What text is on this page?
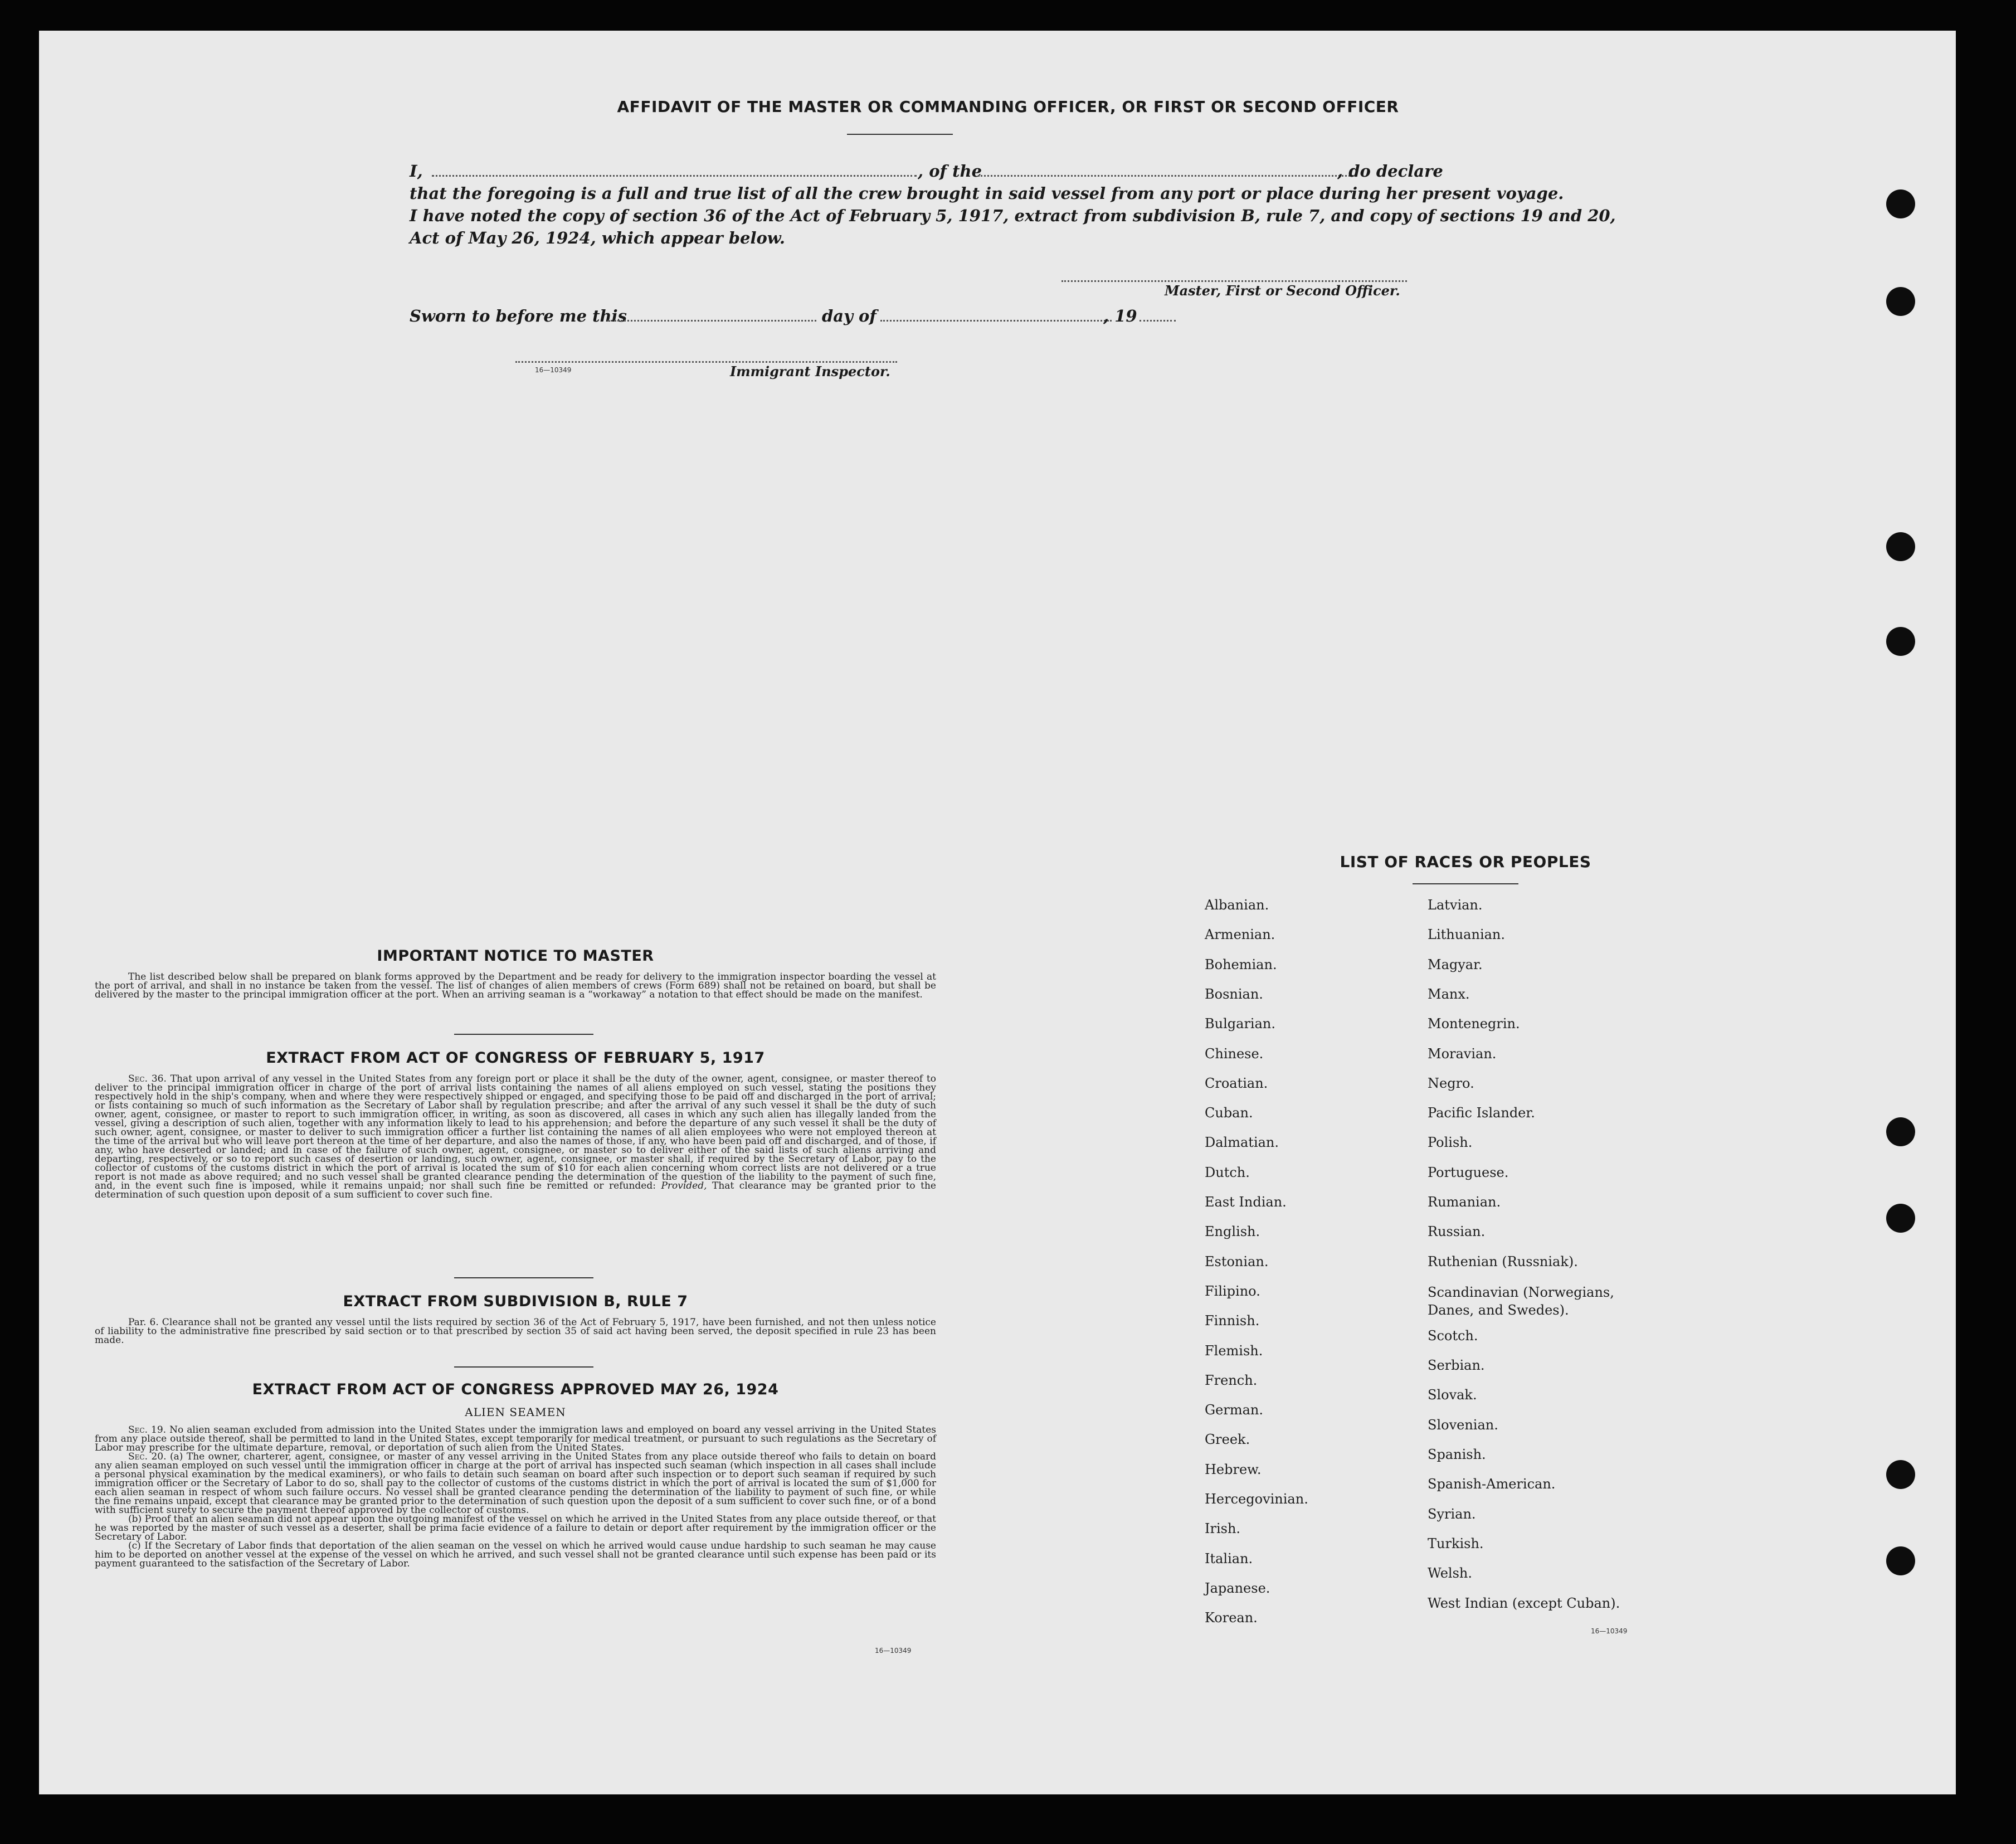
AFFIDAVIT OF THE MASTER OR COMMANDING OFFICER, OR FIRST OR SECOND OFFICER
I,	, of the	, do declare
that the foregoing is a full and true list of all the crew brought in said vessel from any port or place during her present voyage.
I have noted the copy of section 36 of the Act of February 5, 1917, extract from subdivision B, rule 7, and copy of sections 19 and 20,
Act of May 26, 1924, which appear below.
Master, First or Second Officer.
Sworn to before me this	day of	, 19
16—10349	Immigrant Inspector.
IMPORTANT NOTICE TO MASTER

The list described below shall be prepared on blank forms approved by the Department and be ready for delivery to the immigration inspector boarding the vessel at the port of arrival, and shall in no instance be taken from the vessel. The list of changes of alien members of crews (Form 689) shall not be retained on board, but shall be delivered by the master to the principal immigration officer at the port. When an arriving seaman is a “workaway” a notation to that effect should be made on the manifest.

EXTRACT FROM ACT OF CONGRESS OF FEBRUARY 5, 1917

Sec. 36. That upon arrival of any vessel in the United States from any foreign port or place it shall be the duty of the owner, agent, consignee, or master thereof to deliver to the principal immigration officer in charge of the port of arrival lists containing the names of all aliens employed on such vessel, stating the positions they respectively hold in the ship's company, when and where they were respectively shipped or engaged, and specifying those to be paid off and discharged in the port of arrival; or lists containing so much of such information as the Secretary of Labor shall by regulation prescribe; and after the arrival of any such vessel it shall be the duty of such owner, agent, consignee, or master to report to such immigration officer, in writing, as soon as discovered, all cases in which any such alien has illegally landed from the vessel, giving a description of such alien, together with any information likely to lead to his apprehension; and before the departure of any such vessel it shall be the duty of such owner, agent, consignee, or master to deliver to such immigration officer a further list containing the names of all alien employees who were not employed thereon at the time of the arrival but who will leave port thereon at the time of her departure, and also the names of those, if any, who have been paid off and discharged, and of those, if any, who have deserted or landed; and in case of the failure of such owner, agent, consignee, or master so to deliver either of the said lists of such aliens arriving and departing, respectively, or so to report such cases of desertion or landing, such owner, agent, consignee, or master shall, if required by the Secretary of Labor, pay to the collector of customs of the customs district in which the port of arrival is located the sum of $10 for each alien concerning whom correct lists are not delivered or a true report is not made as above required; and no such vessel shall be granted clearance pending the determination of the question of the liability to the payment of such fine, and, in the event such fine is imposed, while it remains unpaid; nor shall such fine be remitted or refunded: Provided, That clearance may be granted prior to the determination of such question upon deposit of a sum sufficient to cover such fine.

EXTRACT FROM SUBDIVISION B, RULE 7

Par. 6. Clearance shall not be granted any vessel until the lists required by section 36 of the Act of February 5, 1917, have been furnished, and not then unless notice of liability to the administrative fine prescribed by said section or to that prescribed by section 35 of said act having been served, the deposit specified in rule 23 has been made.

EXTRACT FROM ACT OF CONGRESS APPROVED MAY 26, 1924
ALIEN SEAMEN

Sec. 19. No alien seaman excluded from admission into the United States under the immigration laws and employed on board any vessel arriving in the United States from any place outside thereof, shall be permitted to land in the United States, except temporarily for medical treatment, or pursuant to such regulations as the Secretary of Labor may prescribe for the ultimate departure, removal, or deportation of such alien from the United States.

Sec. 20. (a) The owner, charterer, agent, consignee, or master of any vessel arriving in the United States from any place outside thereof who fails to detain on board any alien seaman employed on such vessel until the immigration officer in charge at the port of arrival has inspected such seaman (which inspection in all cases shall include a personal physical examination by the medical examiners), or who fails to detain such seaman on board after such inspection or to deport such seaman if required by such immigration officer or the Secretary of Labor to do so, shall pay to the collector of customs of the customs district in which the port of arrival is located the sum of $1,000 for each alien seaman in respect of whom such failure occurs. No vessel shall be granted clearance pending the determination of the liability to payment of such fine, or while the fine remains unpaid, except that clearance may be granted prior to the determination of such question upon the deposit of a sum sufficient to cover such fine, or of a bond with sufficient surety to secure the payment thereof approved by the collector of customs.

(b) Proof that an alien seaman did not appear upon the outgoing manifest of the vessel on which he arrived in the United States from any place outside thereof, or that he was reported by the master of such vessel as a deserter, shall be prima facie evidence of a failure to detain or deport after requirement by the immigration officer or the Secretary of Labor.

(c) If the Secretary of Labor finds that deportation of the alien seaman on the vessel on which he arrived would cause undue hardship to such seaman he may cause him to be deported on another vessel at the expense of the vessel on which he arrived, and such vessel shall not be granted clearance until such expense has been paid or its payment guaranteed to the satisfaction of the Secretary of Labor.

16—10349
LIST OF RACES OR PEOPLES
Albanian.
Armenian.
Bohemian.
Bosnian.
Bulgarian.
Chinese.
Croatian.
Cuban.
Dalmatian.
Dutch.
East Indian.
English.
Estonian.
Filipino.
Finnish.
Flemish.
French.
German.
Greek.
Hebrew.
Hercegovinian.
Irish.
Italian.
Japanese.
Korean.
Latvian.
Lithuanian.
Magyar.
Manx.
Montenegrin.
Moravian.
Negro.
Pacific Islander.
Polish.
Portuguese.
Rumanian.
Russian.
Ruthenian (Russniak).
Scandinavian (Norwegians, Danes, and Swedes).
Scotch.
Serbian.
Slovak.
Slovenian.
Spanish.
Spanish-American.
Syrian.
Turkish.
Welsh.
West Indian (except Cuban).
16—10349
